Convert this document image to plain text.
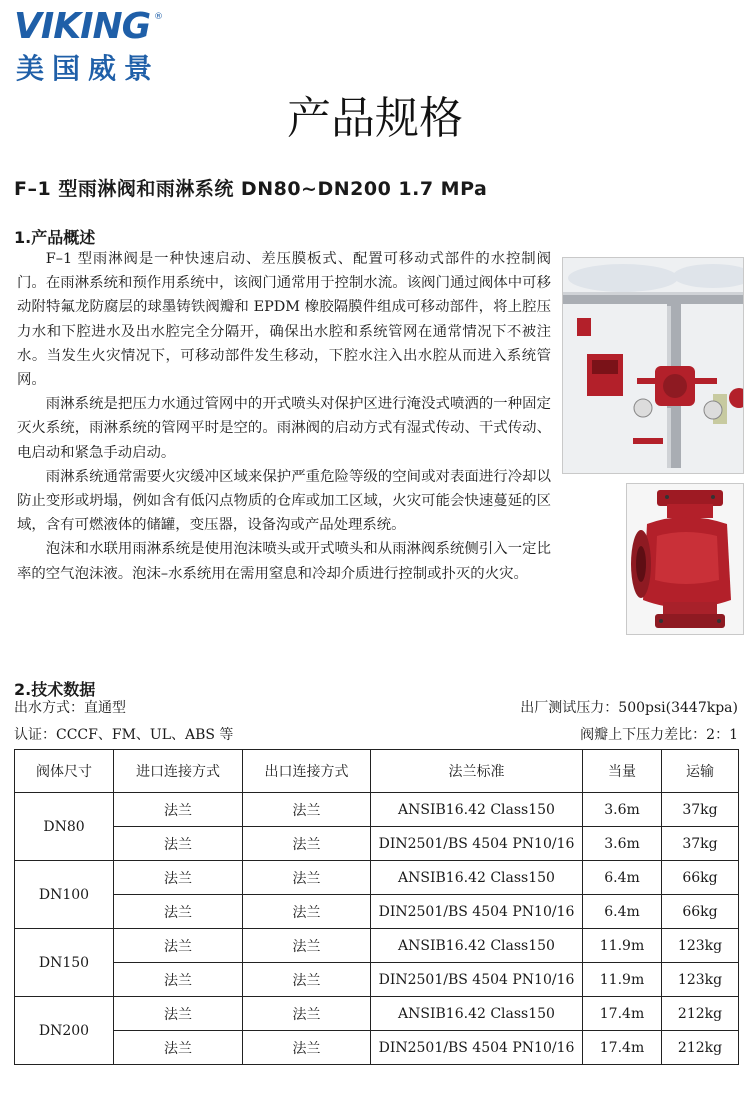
VIKING ®
美国威景
产品规格
F–1 型雨淋阀和雨淋系统 DN80~DN200 1.7 MPa
1.产品概述

F–1 型雨淋阀是一种快速启动、差压膜板式、配置可移动式部件的水控制阀门。在雨淋系统和预作用系统中，该阀门通常用于控制水流。该阀门通过阀体中可移动附特氟龙防腐层的球墨铸铁阀瓣和 EPDM 橡胶隔膜件组成可移动部件，将上腔压力水和下腔进水及出水腔完全分隔开，确保出水腔和系统管网在通常情况下不被注水。当发生火灾情况下，可移动部件发生移动，下腔水注入出水腔从而进入系统管网。

雨淋系统是把压力水通过管网中的开式喷头对保护区进行淹没式喷洒的一种固定灭火系统，雨淋系统的管网平时是空的。雨淋阀的启动方式有湿式传动、干式传动、电启动和紧急手动启动。

雨淋系统通常需要火灾缓冲区域来保护严重危险等级的空间或对表面进行冷却以防止变形或坍塌，例如含有低闪点物质的仓库或加工区域，火灾可能会快速蔓延的区域，含有可燃液体的储罐，变压器，设备沟或产品处理系统。

泡沫和水联用雨淋系统是使用泡沫喷头或开式喷头和从雨淋阀系统侧引入一定比率的空气泡沫液。泡沫–水系统用在需用窒息和冷却介质进行控制或扑灭的火灾。

2.技术数据
出水方式：直通型	出厂测试压力：500psi(3447kpa)
认证：CCCF、FM、UL、ABS 等	阀瓣上下压力差比：2：1
阀体尺寸	进口连接方式	出口连接方式	法兰标准	当量	运输
DN80	法兰	法兰	ANSIB16.42 Class150	3.6m	37kg
	法兰	法兰	DIN2501/BS 4504 PN10/16	3.6m	37kg
DN100	法兰	法兰	ANSIB16.42 Class150	6.4m	66kg
	法兰	法兰	DIN2501/BS 4504 PN10/16	6.4m	66kg
DN150	法兰	法兰	ANSIB16.42 Class150	11.9m	123kg
	法兰	法兰	DIN2501/BS 4504 PN10/16	11.9m	123kg
DN200	法兰	法兰	ANSIB16.42 Class150	17.4m	212kg
	法兰	法兰	DIN2501/BS 4504 PN10/16	17.4m	212kg
